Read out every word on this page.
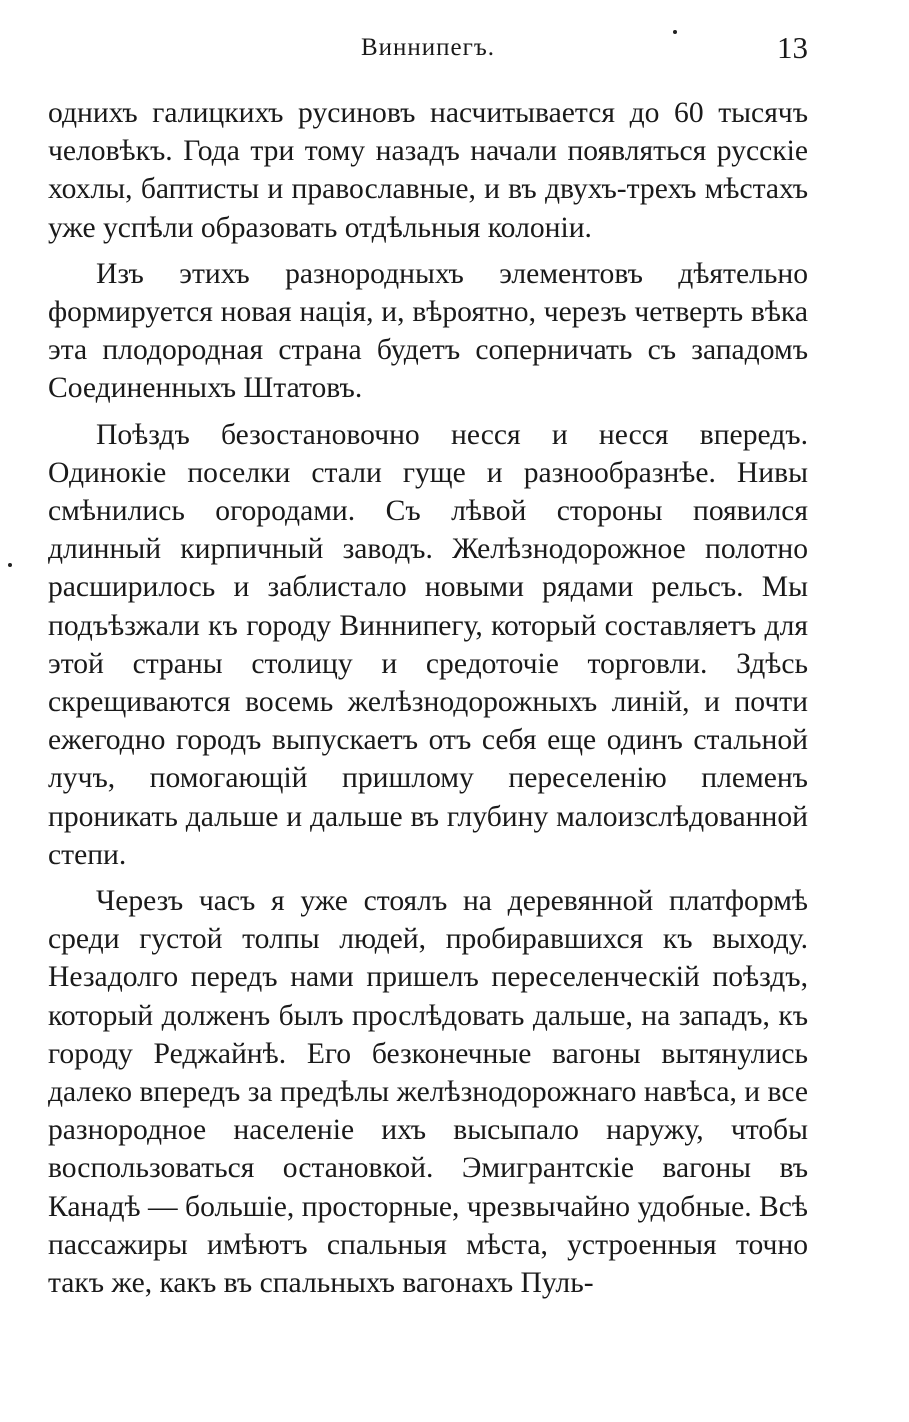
Виннипегъ.	13

однихъ галицкихъ русиновъ насчитывается до 60 тысячъ человѣкъ. Года три тому назадъ начали появляться русскіе хохлы, баптисты и православные, и въ двухъ-трехъ мѣстахъ уже успѣли образовать отдѣльныя колоніи.

Изъ этихъ разнородныхъ элементовъ дѣятельно формируется новая нація, и, вѣроятно, черезъ четверть вѣка эта плодородная страна будетъ соперничать съ западомъ Соединенныхъ Штатовъ.

Поѣздъ безостановочно несся и несся впередъ. Одинокіе поселки стали гуще и разнообразнѣе. Нивы смѣнились огородами. Съ лѣвой стороны появился длинный кирпичный заводъ. Желѣзнодорожное полотно расширилось и заблистало новыми рядами рельсъ. Мы подъѣзжали къ городу Виннипегу, который составляетъ для этой страны столицу и средоточіе торговли. Здѣсь скрещиваются восемь желѣзнодорожныхъ линій, и почти ежегодно городъ выпускаетъ отъ себя еще одинъ стальной лучъ, помогающій пришлому переселенію племенъ проникать дальше и дальше въ глубину малоизслѣдованной степи.

Черезъ часъ я уже стоялъ на деревянной платформѣ среди густой толпы людей, пробиравшихся къ выходу. Незадолго передъ нами пришелъ переселенческій поѣздъ, который долженъ былъ прослѣдовать дальше, на западъ, къ городу Реджайнѣ. Его безконечные вагоны вытянулись далеко впередъ за предѣлы желѣзнодорожнаго навѣса, и все разнородное населеніе ихъ высыпало наружу, чтобы воспользоваться остановкой. Эмигрантскіе вагоны въ Канадѣ — большіе, просторные, чрезвычайно удобные. Всѣ пассажиры имѣютъ спальныя мѣста, устроенныя точно такъ же, какъ въ спальныхъ вагонахъ Пуль-
